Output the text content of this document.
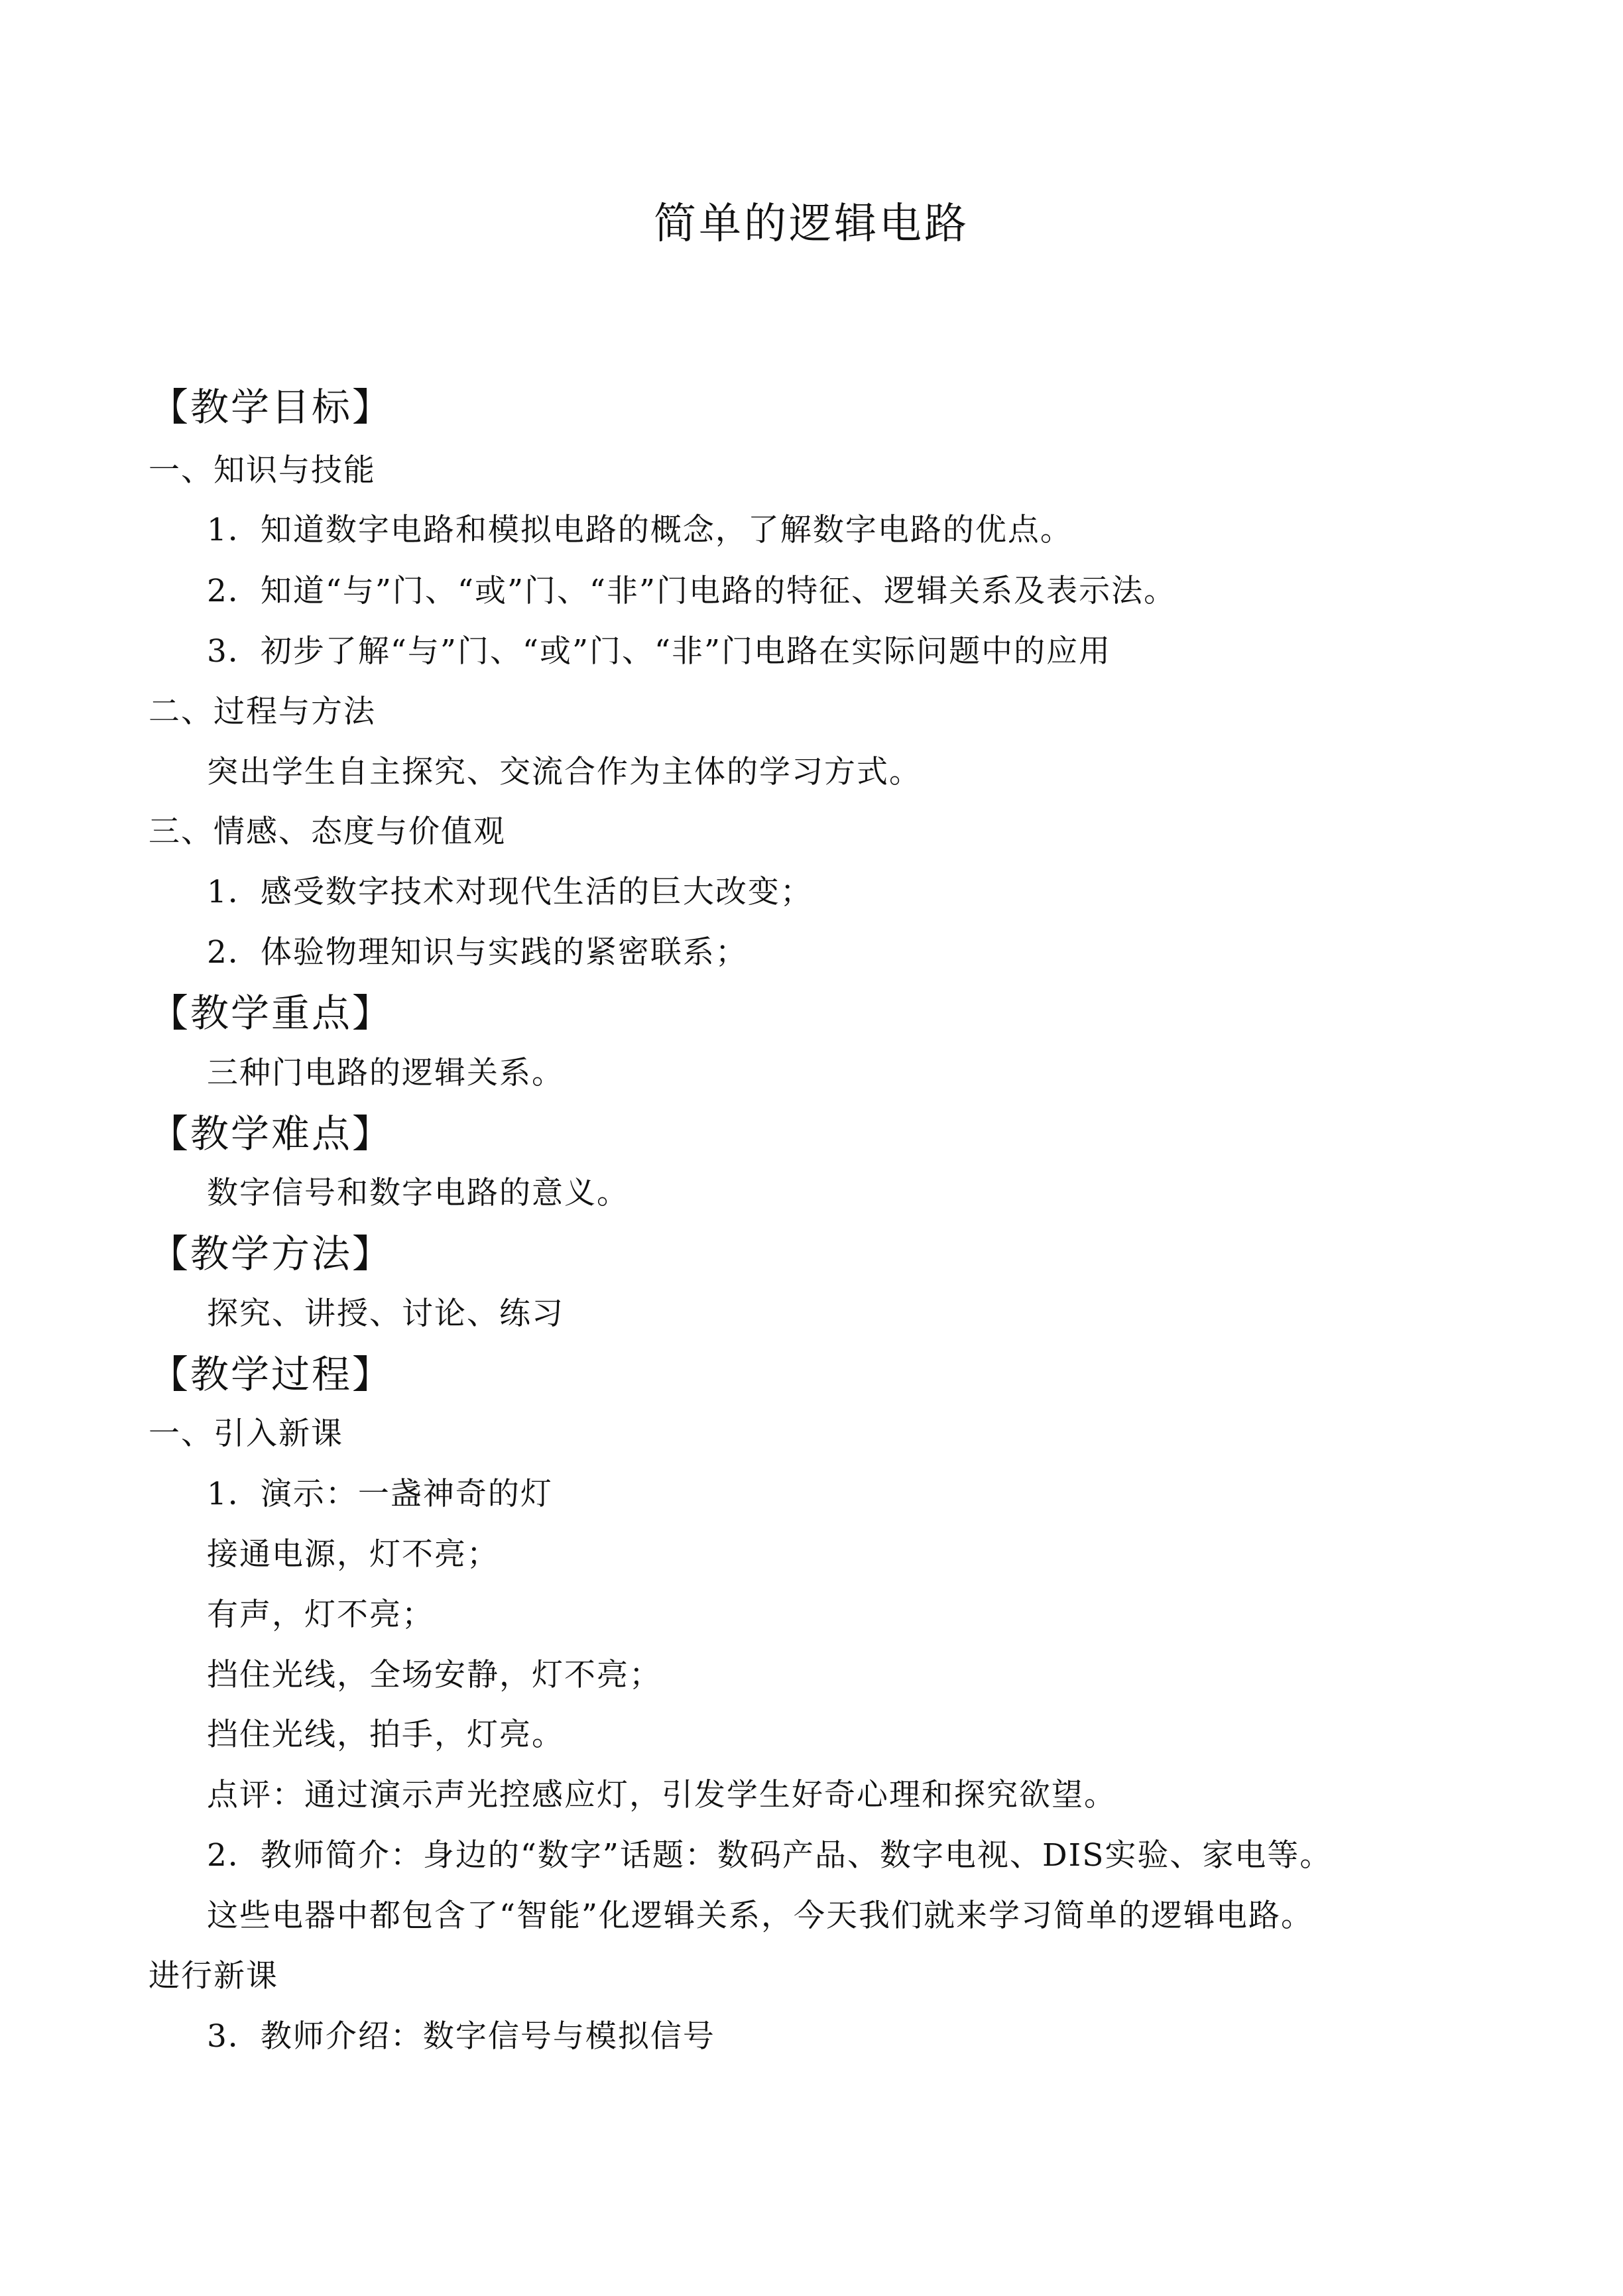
简单的逻辑电路
【教学目标】
一、知识与技能
1．知道数字电路和模拟电路的概念，了解数字电路的优点。
2．知道“与”门、“或”门、“非”门电路的特征、逻辑关系及表示法。
3．初步了解“与”门、“或”门、“非”门电路在实际问题中的应用
二、过程与方法
突出学生自主探究、交流合作为主体的学习方式。
三、情感、态度与价值观
1．感受数字技术对现代生活的巨大改变；
2．体验物理知识与实践的紧密联系；
【教学重点】
三种门电路的逻辑关系。
【教学难点】
数字信号和数字电路的意义。
【教学方法】
探究、讲授、讨论、练习
【教学过程】
一、引入新课
1．演示：一盏神奇的灯
接通电源，灯不亮；
有声，灯不亮；
挡住光线，全场安静，灯不亮；
挡住光线，拍手，灯亮。
点评：通过演示声光控感应灯，引发学生好奇心理和探究欲望。
2．教师简介：身边的“数字”话题：数码产品、数字电视、DIS实验、家电等。
这些电器中都包含了“智能”化逻辑关系，今天我们就来学习简单的逻辑电路。
进行新课
3．教师介绍：数字信号与模拟信号
